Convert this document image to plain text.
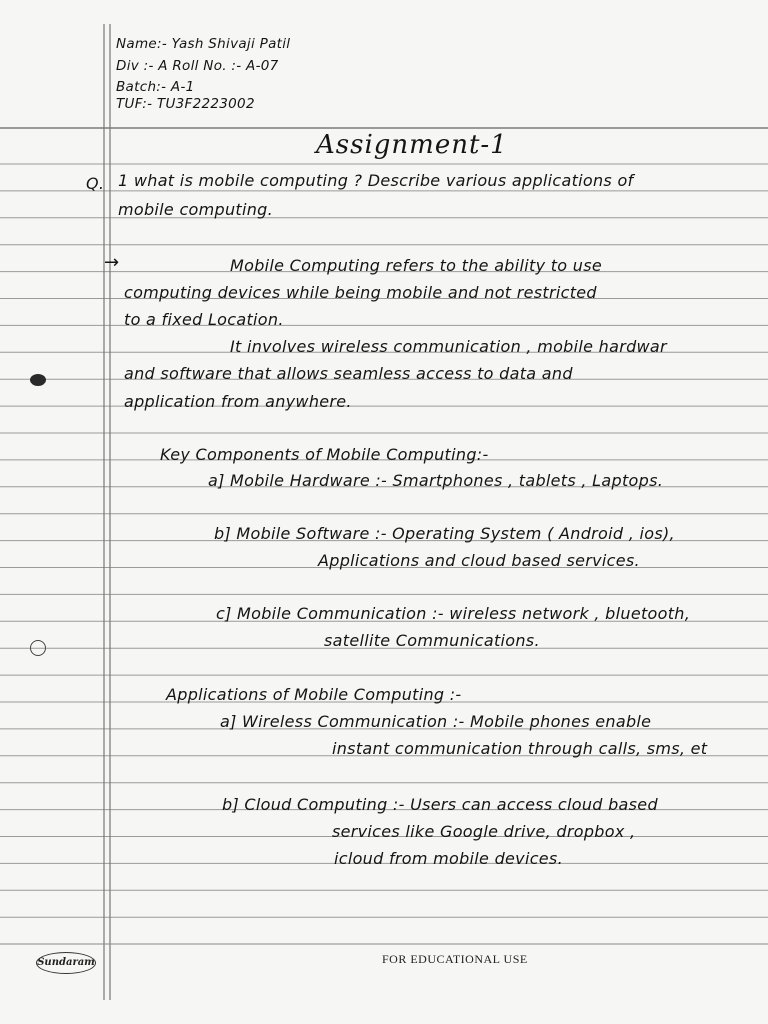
Name:- Yash Shivaji Patil
Div :- A Roll No. :- A-07
Batch:- A-1
TUF:- TU3F2223002
Assignment-1
Q. 1 what is mobile computing ? Describe various applications of
mobile computing.
→	Mobile Computing refers to the ability to use
computing devices while being mobile and not restricted
to a fixed Location.
It involves wireless communication , mobile hardwar
and software that allows seamless access to data and
application from anywhere.
Key Components of Mobile Computing:-
a] Mobile Hardware :- Smartphones , tablets , Laptops.
b] Mobile Software :- Operating System ( Android , ios),
Applications and cloud based services.
c] Mobile Communication :- wireless network , bluetooth,
satellite Communications.
Applications of Mobile Computing :-
a] Wireless Communication :- Mobile phones enable
instant communication through calls, sms, et
b] Cloud Computing :- Users can access cloud based
services like Google drive, dropbox ,
icloud from mobile devices.
Sundaram	FOR EDUCATIONAL USE
